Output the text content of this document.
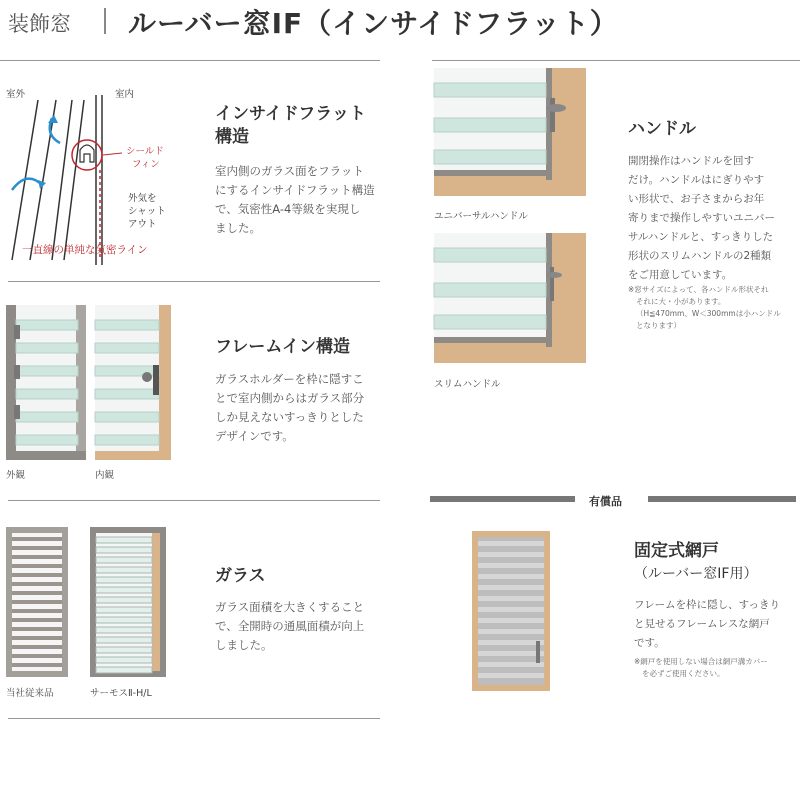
装飾窓 ルーバー窓IF（インサイドフラット）
室外	室内
シールド
フィン
外気を
シャット
アウト
一直線の単純な気密ライン
インサイドフラット
構造
室内側のガラス面をフラット
にするインサイドフラット構造
で、気密性A-4等級を実現し
ました。
外観	内観
フレームイン構造
ガラスホルダーを枠に隠すこ
とで室内側からはガラス部分
しか見えないすっきりとした
デザインです。
当社従来品	サーモスⅡ-H/L
ガラス
ガラス面積を大きくすること
で、全開時の通風面積が向上
しました。
ユニバーサルハンドル
スリムハンドル
ハンドル
開閉操作はハンドルを回す
だけ。ハンドルはにぎりやす
い形状で、お子さまからお年
寄りまで操作しやすいユニバー
サルハンドルと、すっきりした
形状のスリムハンドルの2種類
をご用意しています。
※窓サイズによって、各ハンドル形状それ
それに大・小があります。
（H≦470mm、W＜300mmは小ハンドル
となります）
有償品
固定式網戸
（ルーバー窓IF用）
フレームを枠に隠し、すっきり
と見せるフレームレスな網戸
です。
※網戸を使用しない場合は網戸溝カバー
を必ずご使用ください。
